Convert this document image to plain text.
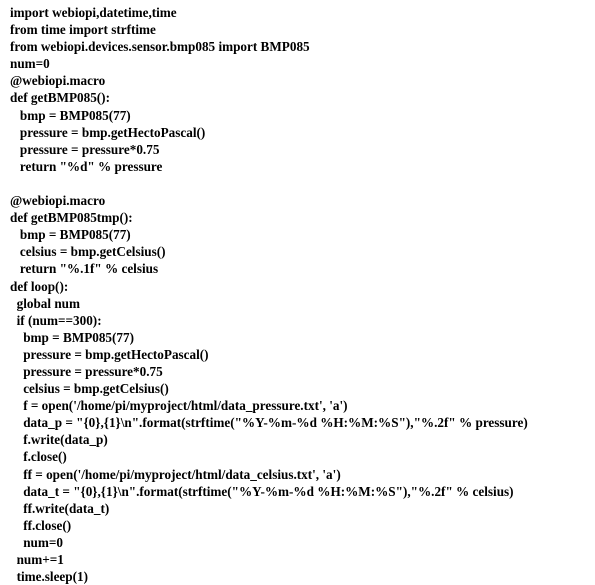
import webiopi,datetime,time
from time import strftime
from webiopi.devices.sensor.bmp085 import BMP085
num=0
@webiopi.macro
def getBMP085():
bmp = BMP085(77)
pressure = bmp.getHectoPascal()
pressure = pressure*0.75
return "%d" % pressure
@webiopi.macro
def getBMP085tmp():
bmp = BMP085(77)
celsius = bmp.getCelsius()
return "%.1f" % celsius
def loop():
global num
if (num==300):
bmp = BMP085(77)
pressure = bmp.getHectoPascal()
pressure = pressure*0.75
celsius = bmp.getCelsius()
f = open('/home/pi/myproject/html/data_pressure.txt', 'a')
data_p = "{0},{1}\n".format(strftime("%Y-%m-%d %H:%M:%S"),"%.2f" % pressure)
f.write(data_p)
f.close()
ff = open('/home/pi/myproject/html/data_celsius.txt', 'a')
data_t = "{0},{1}\n".format(strftime("%Y-%m-%d %H:%M:%S"),"%.2f" % celsius)
ff.write(data_t)
ff.close()
num=0
num+=1
time.sleep(1)
